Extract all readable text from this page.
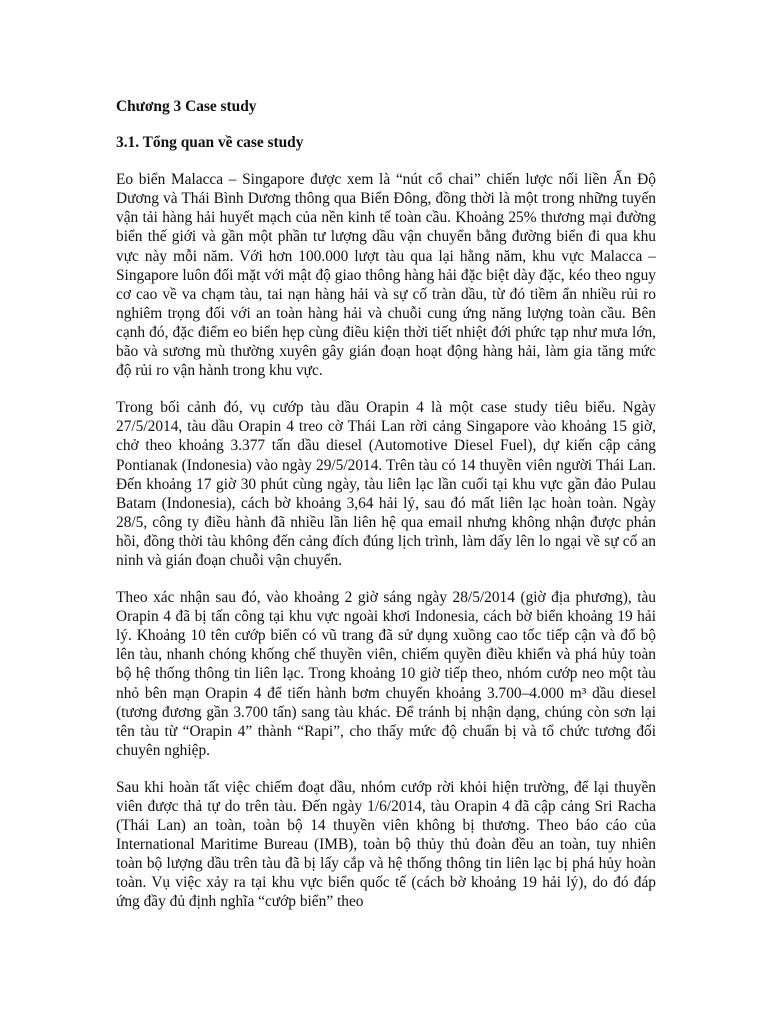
Chương 3 Case study
3.1. Tổng quan về case study

Eo biển Malacca – Singapore được xem là “nút cổ chai” chiến lược nối liền Ấn Độ Dương và Thái Bình Dương thông qua Biển Đông, đồng thời là một trong những tuyến vận tải hàng hải huyết mạch của nền kinh tế toàn cầu. Khoảng 25% thương mại đường biển thế giới và gần một phần tư lượng dầu vận chuyển bằng đường biển đi qua khu vực này mỗi năm. Với hơn 100.000 lượt tàu qua lại hằng năm, khu vực Malacca – Singapore luôn đối mặt với mật độ giao thông hàng hải đặc biệt dày đặc, kéo theo nguy cơ cao về va chạm tàu, tai nạn hàng hải và sự cố tràn dầu, từ đó tiềm ẩn nhiều rủi ro nghiêm trọng đối với an toàn hàng hải và chuỗi cung ứng năng lượng toàn cầu. Bên cạnh đó, đặc điểm eo biển hẹp cùng điều kiện thời tiết nhiệt đới phức tạp như mưa lớn, bão và sương mù thường xuyên gây gián đoạn hoạt động hàng hải, làm gia tăng mức độ rủi ro vận hành trong khu vực.

Trong bối cảnh đó, vụ cướp tàu dầu Orapin 4 là một case study tiêu biểu. Ngày 27/5/2014, tàu dầu Orapin 4 treo cờ Thái Lan rời cảng Singapore vào khoảng 15 giờ, chở theo khoảng 3.377 tấn dầu diesel (Automotive Diesel Fuel), dự kiến cập cảng Pontianak (Indonesia) vào ngày 29/5/2014. Trên tàu có 14 thuyền viên người Thái Lan. Đến khoảng 17 giờ 30 phút cùng ngày, tàu liên lạc lần cuối tại khu vực gần đảo Pulau Batam (Indonesia), cách bờ khoảng 3,64 hải lý, sau đó mất liên lạc hoàn toàn. Ngày 28/5, công ty điều hành đã nhiều lần liên hệ qua email nhưng không nhận được phản hồi, đồng thời tàu không đến cảng đích đúng lịch trình, làm dấy lên lo ngại về sự cố an ninh và gián đoạn chuỗi vận chuyển.

Theo xác nhận sau đó, vào khoảng 2 giờ sáng ngày 28/5/2014 (giờ địa phương), tàu Orapin 4 đã bị tấn công tại khu vực ngoài khơi Indonesia, cách bờ biển khoảng 19 hải lý. Khoảng 10 tên cướp biển có vũ trang đã sử dụng xuồng cao tốc tiếp cận và đổ bộ lên tàu, nhanh chóng khống chế thuyền viên, chiếm quyền điều khiển và phá hủy toàn bộ hệ thống thông tin liên lạc. Trong khoảng 10 giờ tiếp theo, nhóm cướp neo một tàu nhỏ bên mạn Orapin 4 để tiến hành bơm chuyển khoảng 3.700–4.000 m³ dầu diesel (tương đương gần 3.700 tấn) sang tàu khác. Để tránh bị nhận dạng, chúng còn sơn lại tên tàu từ “Orapin 4” thành “Rapi”, cho thấy mức độ chuẩn bị và tổ chức tương đối chuyên nghiệp.

Sau khi hoàn tất việc chiếm đoạt dầu, nhóm cướp rời khỏi hiện trường, để lại thuyền viên được thả tự do trên tàu. Đến ngày 1/6/2014, tàu Orapin 4 đã cập cảng Sri Racha (Thái Lan) an toàn, toàn bộ 14 thuyền viên không bị thương. Theo báo cáo của International Maritime Bureau (IMB), toàn bộ thủy thủ đoàn đều an toàn, tuy nhiên toàn bộ lượng dầu trên tàu đã bị lấy cắp và hệ thống thông tin liên lạc bị phá hủy hoàn toàn. Vụ việc xảy ra tại khu vực biển quốc tế (cách bờ khoảng 19 hải lý), do đó đáp ứng đầy đủ định nghĩa “cướp biển” theo
